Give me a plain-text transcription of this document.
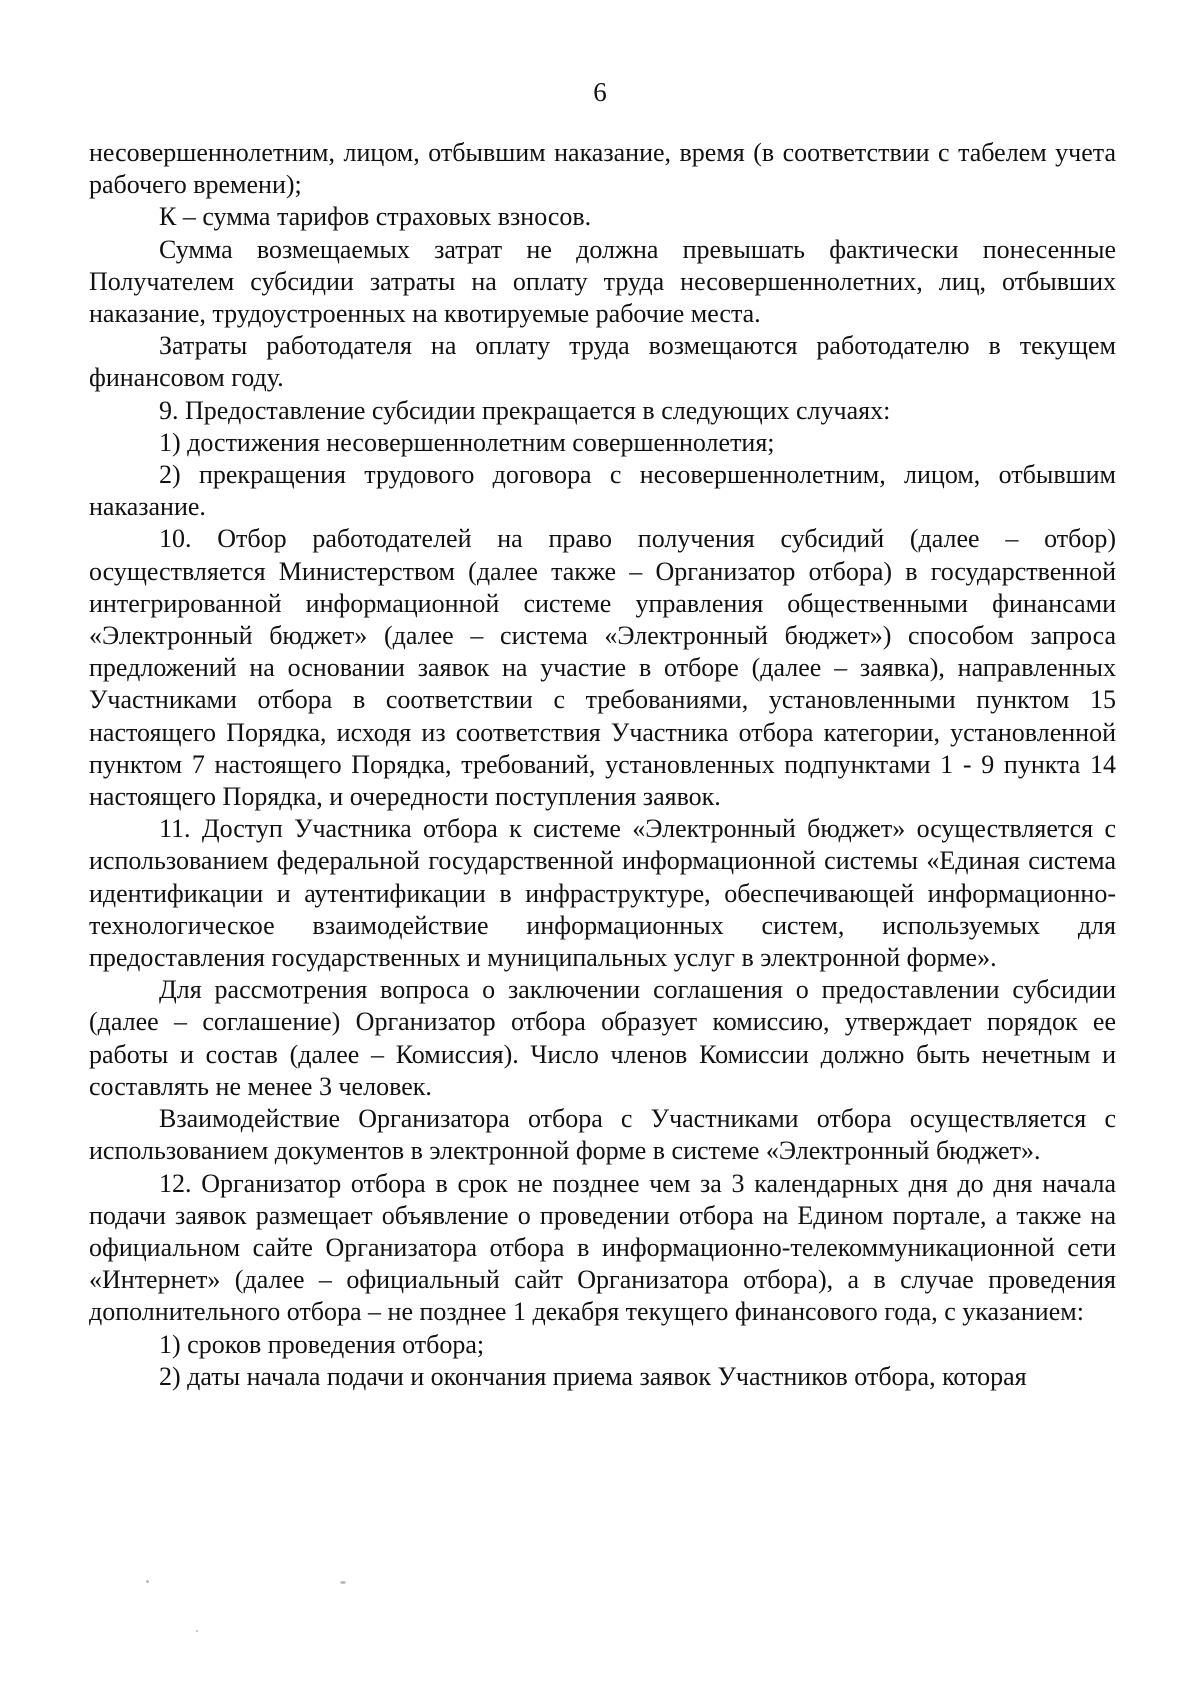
6

несовершеннолетним, лицом, отбывшим наказание, время (в соответствии с табелем учета рабочего времени);

К – сумма тарифов страховых взносов.

Сумма возмещаемых затрат не должна превышать фактически понесенные Получателем субсидии затраты на оплату труда несовершеннолетних, лиц, отбывших наказание, трудоустроенных на квотируемые рабочие места.

Затраты работодателя на оплату труда возмещаются работодателю в текущем финансовом году.

9. Предоставление субсидии прекращается в следующих случаях:

1) достижения несовершеннолетним совершеннолетия;

2) прекращения трудового договора с несовершеннолетним, лицом, отбывшим наказание.

10. Отбор работодателей на право получения субсидий (далее – отбор) осуществляется Министерством (далее также – Организатор отбора) в государственной интегрированной информационной системе управления общественными финансами «Электронный бюджет» (далее – система «Электронный бюджет») способом запроса предложений на основании заявок на участие в отборе (далее – заявка), направленных Участниками отбора в соответствии с требованиями, установленными пунктом 15 настоящего Порядка, исходя из соответствия Участника отбора категории, установленной пунктом 7 настоящего Порядка, требований, установленных подпунктами 1 - 9 пункта 14 настоящего Порядка, и очередности поступления заявок.

11. Доступ Участника отбора к системе «Электронный бюджет» осуществляется с использованием федеральной государственной информационной системы «Единая система идентификации и аутентификации в инфраструктуре, обеспечивающей информационно-технологическое взаимодействие информационных систем, используемых для предоставления государственных и муниципальных услуг в электронной форме».

Для рассмотрения вопроса о заключении соглашения о предоставлении субсидии (далее – соглашение) Организатор отбора образует комиссию, утверждает порядок ее работы и состав (далее – Комиссия). Число членов Комиссии должно быть нечетным и составлять не менее 3 человек.

Взаимодействие Организатора отбора с Участниками отбора осуществляется с использованием документов в электронной форме в системе «Электронный бюджет».

12. Организатор отбора в срок не позднее чем за 3 календарных дня до дня начала подачи заявок размещает объявление о проведении отбора на Едином портале, а также на официальном сайте Организатора отбора в информационно-телекоммуникационной сети «Интернет» (далее – официальный сайт Организатора отбора), а в случае проведения дополнительного отбора – не позднее 1 декабря текущего финансового года, с указанием:

1) сроков проведения отбора;

2) даты начала подачи и окончания приема заявок Участников отбора, которая
